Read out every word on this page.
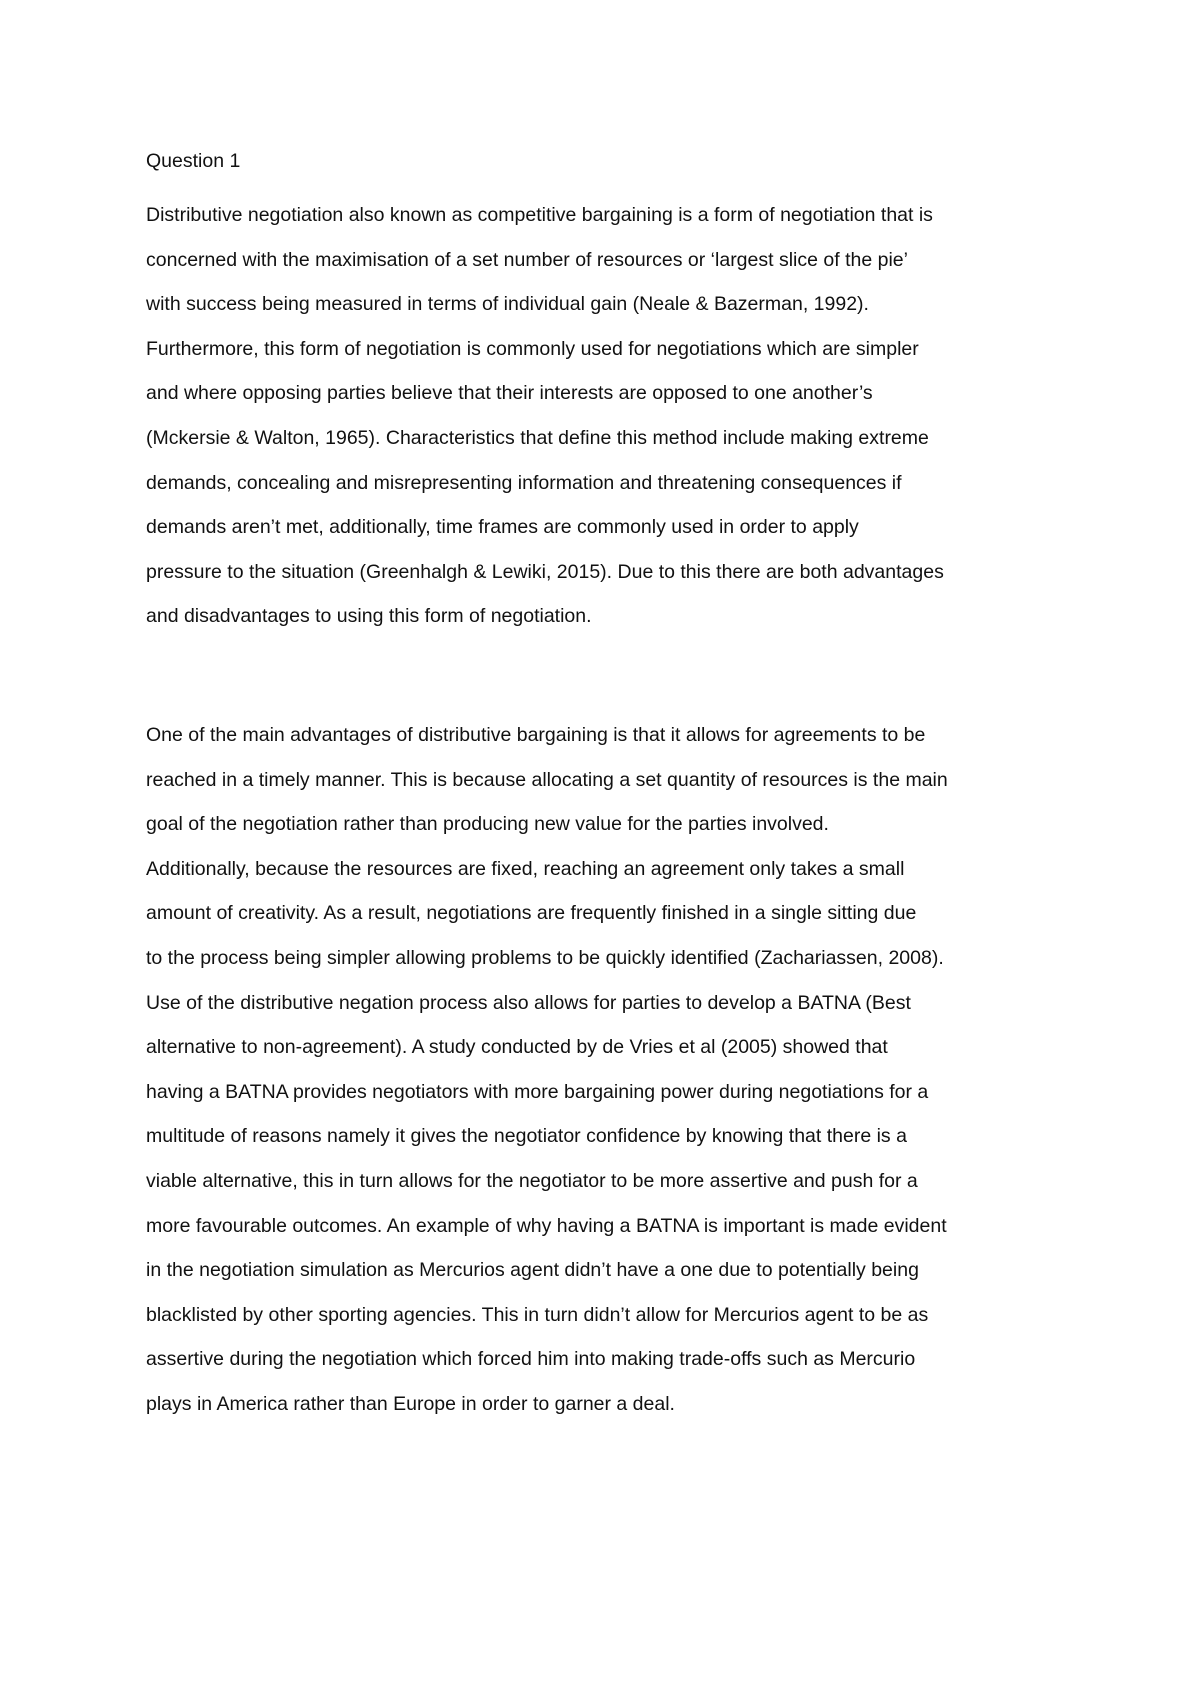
Question 1
Distributive negotiation also known as competitive bargaining is a form of negotiation that is
concerned with the maximisation of a set number of resources or ‘largest slice of the pie’
with success being measured in terms of individual gain (Neale & Bazerman, 1992).
Furthermore, this form of negotiation is commonly used for negotiations which are simpler
and where opposing parties believe that their interests are opposed to one another’s
(Mckersie & Walton, 1965). Characteristics that define this method include making extreme
demands, concealing and misrepresenting information and threatening consequences if
demands aren’t met, additionally, time frames are commonly used in order to apply
pressure to the situation (Greenhalgh & Lewiki, 2015). Due to this there are both advantages
and disadvantages to using this form of negotiation.
One of the main advantages of distributive bargaining is that it allows for agreements to be
reached in a timely manner. This is because allocating a set quantity of resources is the main
goal of the negotiation rather than producing new value for the parties involved.
Additionally, because the resources are fixed, reaching an agreement only takes a small
amount of creativity. As a result, negotiations are frequently finished in a single sitting due
to the process being simpler allowing problems to be quickly identified (Zachariassen, 2008).
Use of the distributive negation process also allows for parties to develop a BATNA (Best
alternative to non-agreement). A study conducted by de Vries et al (2005) showed that
having a BATNA provides negotiators with more bargaining power during negotiations for a
multitude of reasons namely it gives the negotiator confidence by knowing that there is a
viable alternative, this in turn allows for the negotiator to be more assertive and push for a
more favourable outcomes. An example of why having a BATNA is important is made evident
in the negotiation simulation as Mercurios agent didn’t have a one due to potentially being
blacklisted by other sporting agencies. This in turn didn’t allow for Mercurios agent to be as
assertive during the negotiation which forced him into making trade-offs such as Mercurio
plays in America rather than Europe in order to garner a deal.
